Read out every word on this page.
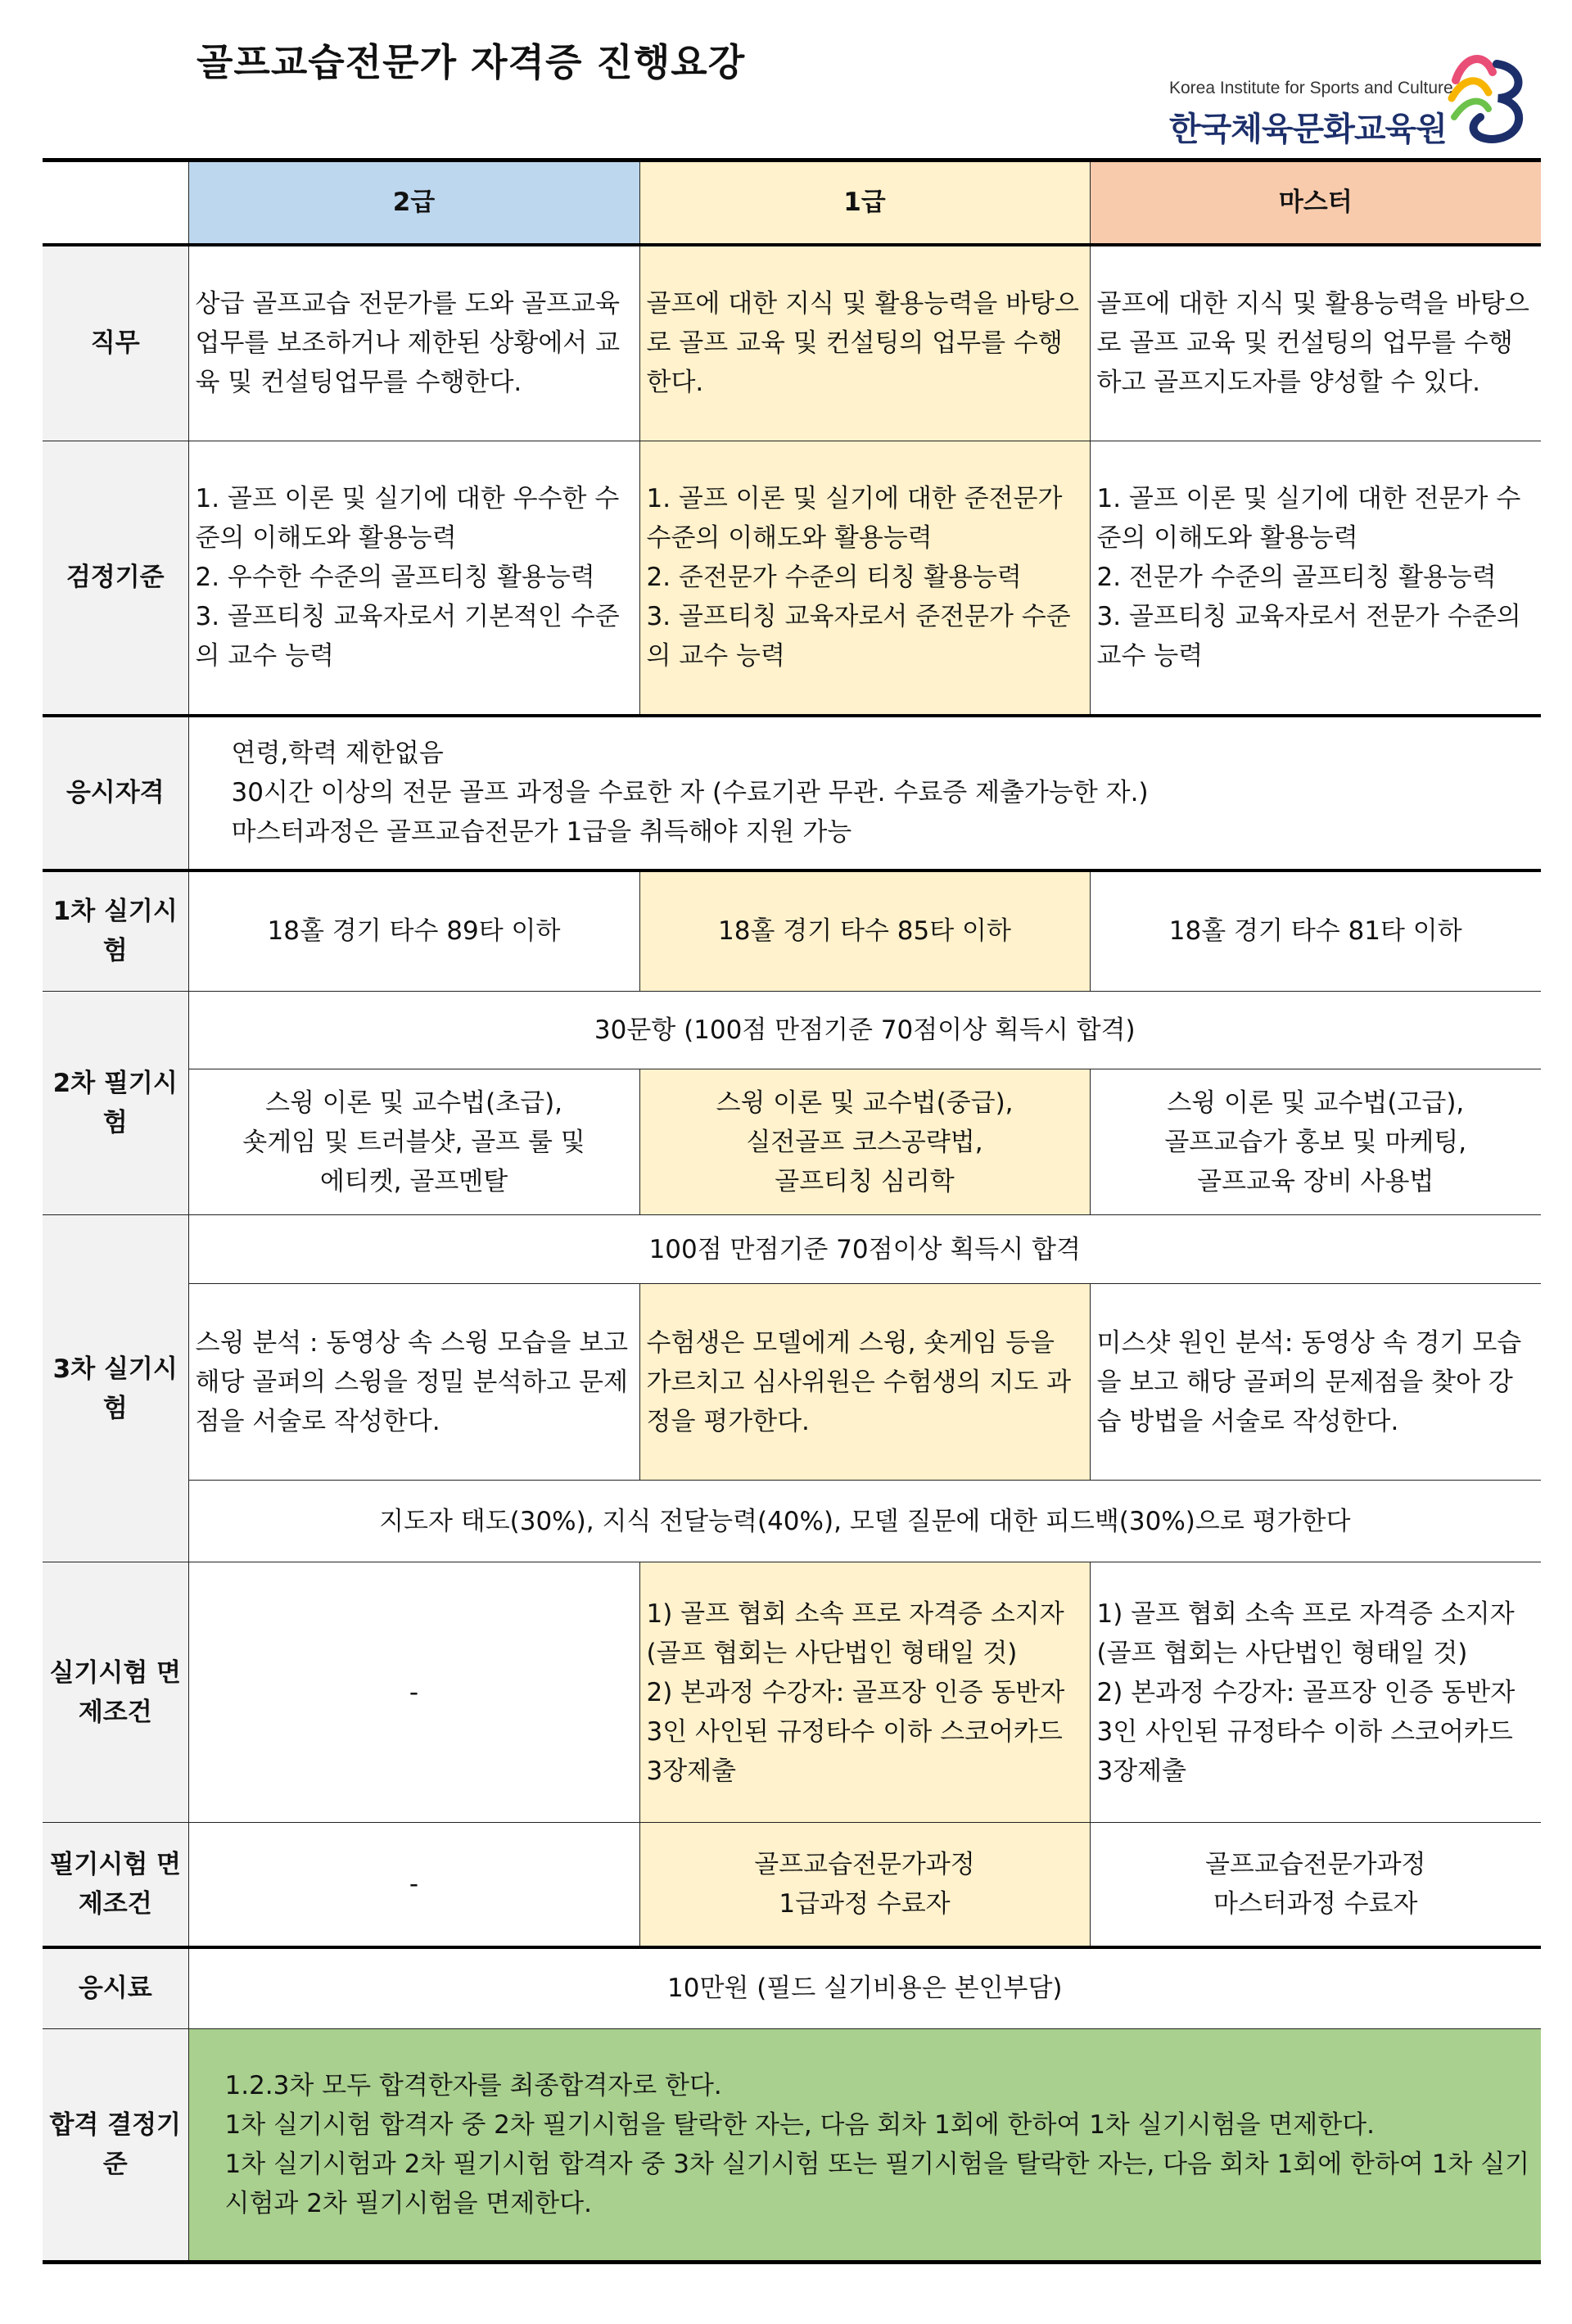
골프교습전문가 자격증 진행요강
Korea Institute for Sports and Culture
한국체육문화교육원
	2급	1급	마스터
직무	상급 골프교습 전문가를 도와 골프교육업무를 보조하거나 제한된 상황에서 교육 및 컨설팅업무를 수행한다.	골프에 대한 지식 및 활용능력을 바탕으로 골프 교육 및 컨설팅의 업무를 수행한다.	골프에 대한 지식 및 활용능력을 바탕으로 골프 교육 및 컨설팅의 업무를 수행하고 골프지도자를 양성할 수 있다.
검정기준	1. 골프 이론 및 실기에 대한 우수한 수준의 이해도와 활용능력
2. 우수한 수준의 골프티칭 활용능력
3. 골프티칭 교육자로서 기본적인 수준의 교수 능력	1. 골프 이론 및 실기에 대한 준전문가 수준의 이해도와 활용능력
2. 준전문가 수준의 티칭 활용능력
3. 골프티칭 교육자로서 준전문가 수준의 교수 능력	1. 골프 이론 및 실기에 대한 전문가 수준의 이해도와 활용능력
2. 전문가 수준의 골프티칭 활용능력
3. 골프티칭 교육자로서 전문가 수준의 교수 능력

응시자격	연령,학력 제한없음
30시간 이상의 전문 골프 과정을 수료한 자 (수료기관 무관. 수료증 제출가능한 자.)
마스터과정은 골프교습전문가 1급을 취득해야 지원 가능		

1차 실기시험	18홀 경기 타수 89타 이하	18홀 경기 타수 85타 이하	18홀 경기 타수 81타 이하
2차 필기시험	30문항 (100점 만점기준 70점이상 획득시 합격)		

	스윙 이론 및 교수법(초급),
숏게임 및 트러블샷, 골프 룰 및
에티켓, 골프멘탈	스윙 이론 및 교수법(중급),
실전골프 코스공략법,
골프티칭 심리학	스윙 이론 및 교수법(고급),
골프교습가 홍보 및 마케팅,
골프교육 장비 사용법

3차 실기시험	100점 만점기준 70점이상 획득시 합격		
	스윙 분석 : 동영상 속 스윙 모습을 보고 해당 골퍼의 스윙을 정밀 분석하고 문제점을 서술로 작성한다.	수험생은 모델에게 스윙, 숏게임 등을 가르치고 심사위원은 수험생의 지도 과정을 평가한다.	미스샷 원인 분석: 동영상 속 경기 모습을 보고 해당 골퍼의 문제점을 찾아 강습 방법을 서술로 작성한다.
	지도자 태도(30%), 지식 전달능력(40%), 모델 질문에 대한 피드백(30%)으로 평가한다		
실기시험 면제조건	-	1) 골프 협회 소속 프로 자격증 소지자 (골프 협회는 사단법인 형태일 것)
2) 본과정 수강자: 골프장 인증 동반자 3인 사인된 규정타수 이하 스코어카드 3장제출	1) 골프 협회 소속 프로 자격증 소지자 (골프 협회는 사단법인 형태일 것)
2) 본과정 수강자: 골프장 인증 동반자 3인 사인된 규정타수 이하 스코어카드 3장제출

필기시험 면제조건	-	골프교습전문가과정
1급과정 수료자	골프교습전문가과정
마스터과정 수료자

응시료	10만원 (필드 실기비용은 본인부담)		
합격 결정기준	1.2.3차 모두 합격한자를 최종합격자로 한다.
1차 실기시험 합격자 중 2차 필기시험을 탈락한 자는, 다음 회차 1회에 한하여 1차 실기시험을 면제한다.
1차 실기시험과 2차 필기시험 합격자 중 3차 실기시험 또는 필기시험을 탈락한 자는, 다음 회차 1회에 한하여 1차 실기시험과 2차 필기시험을 면제한다.		
